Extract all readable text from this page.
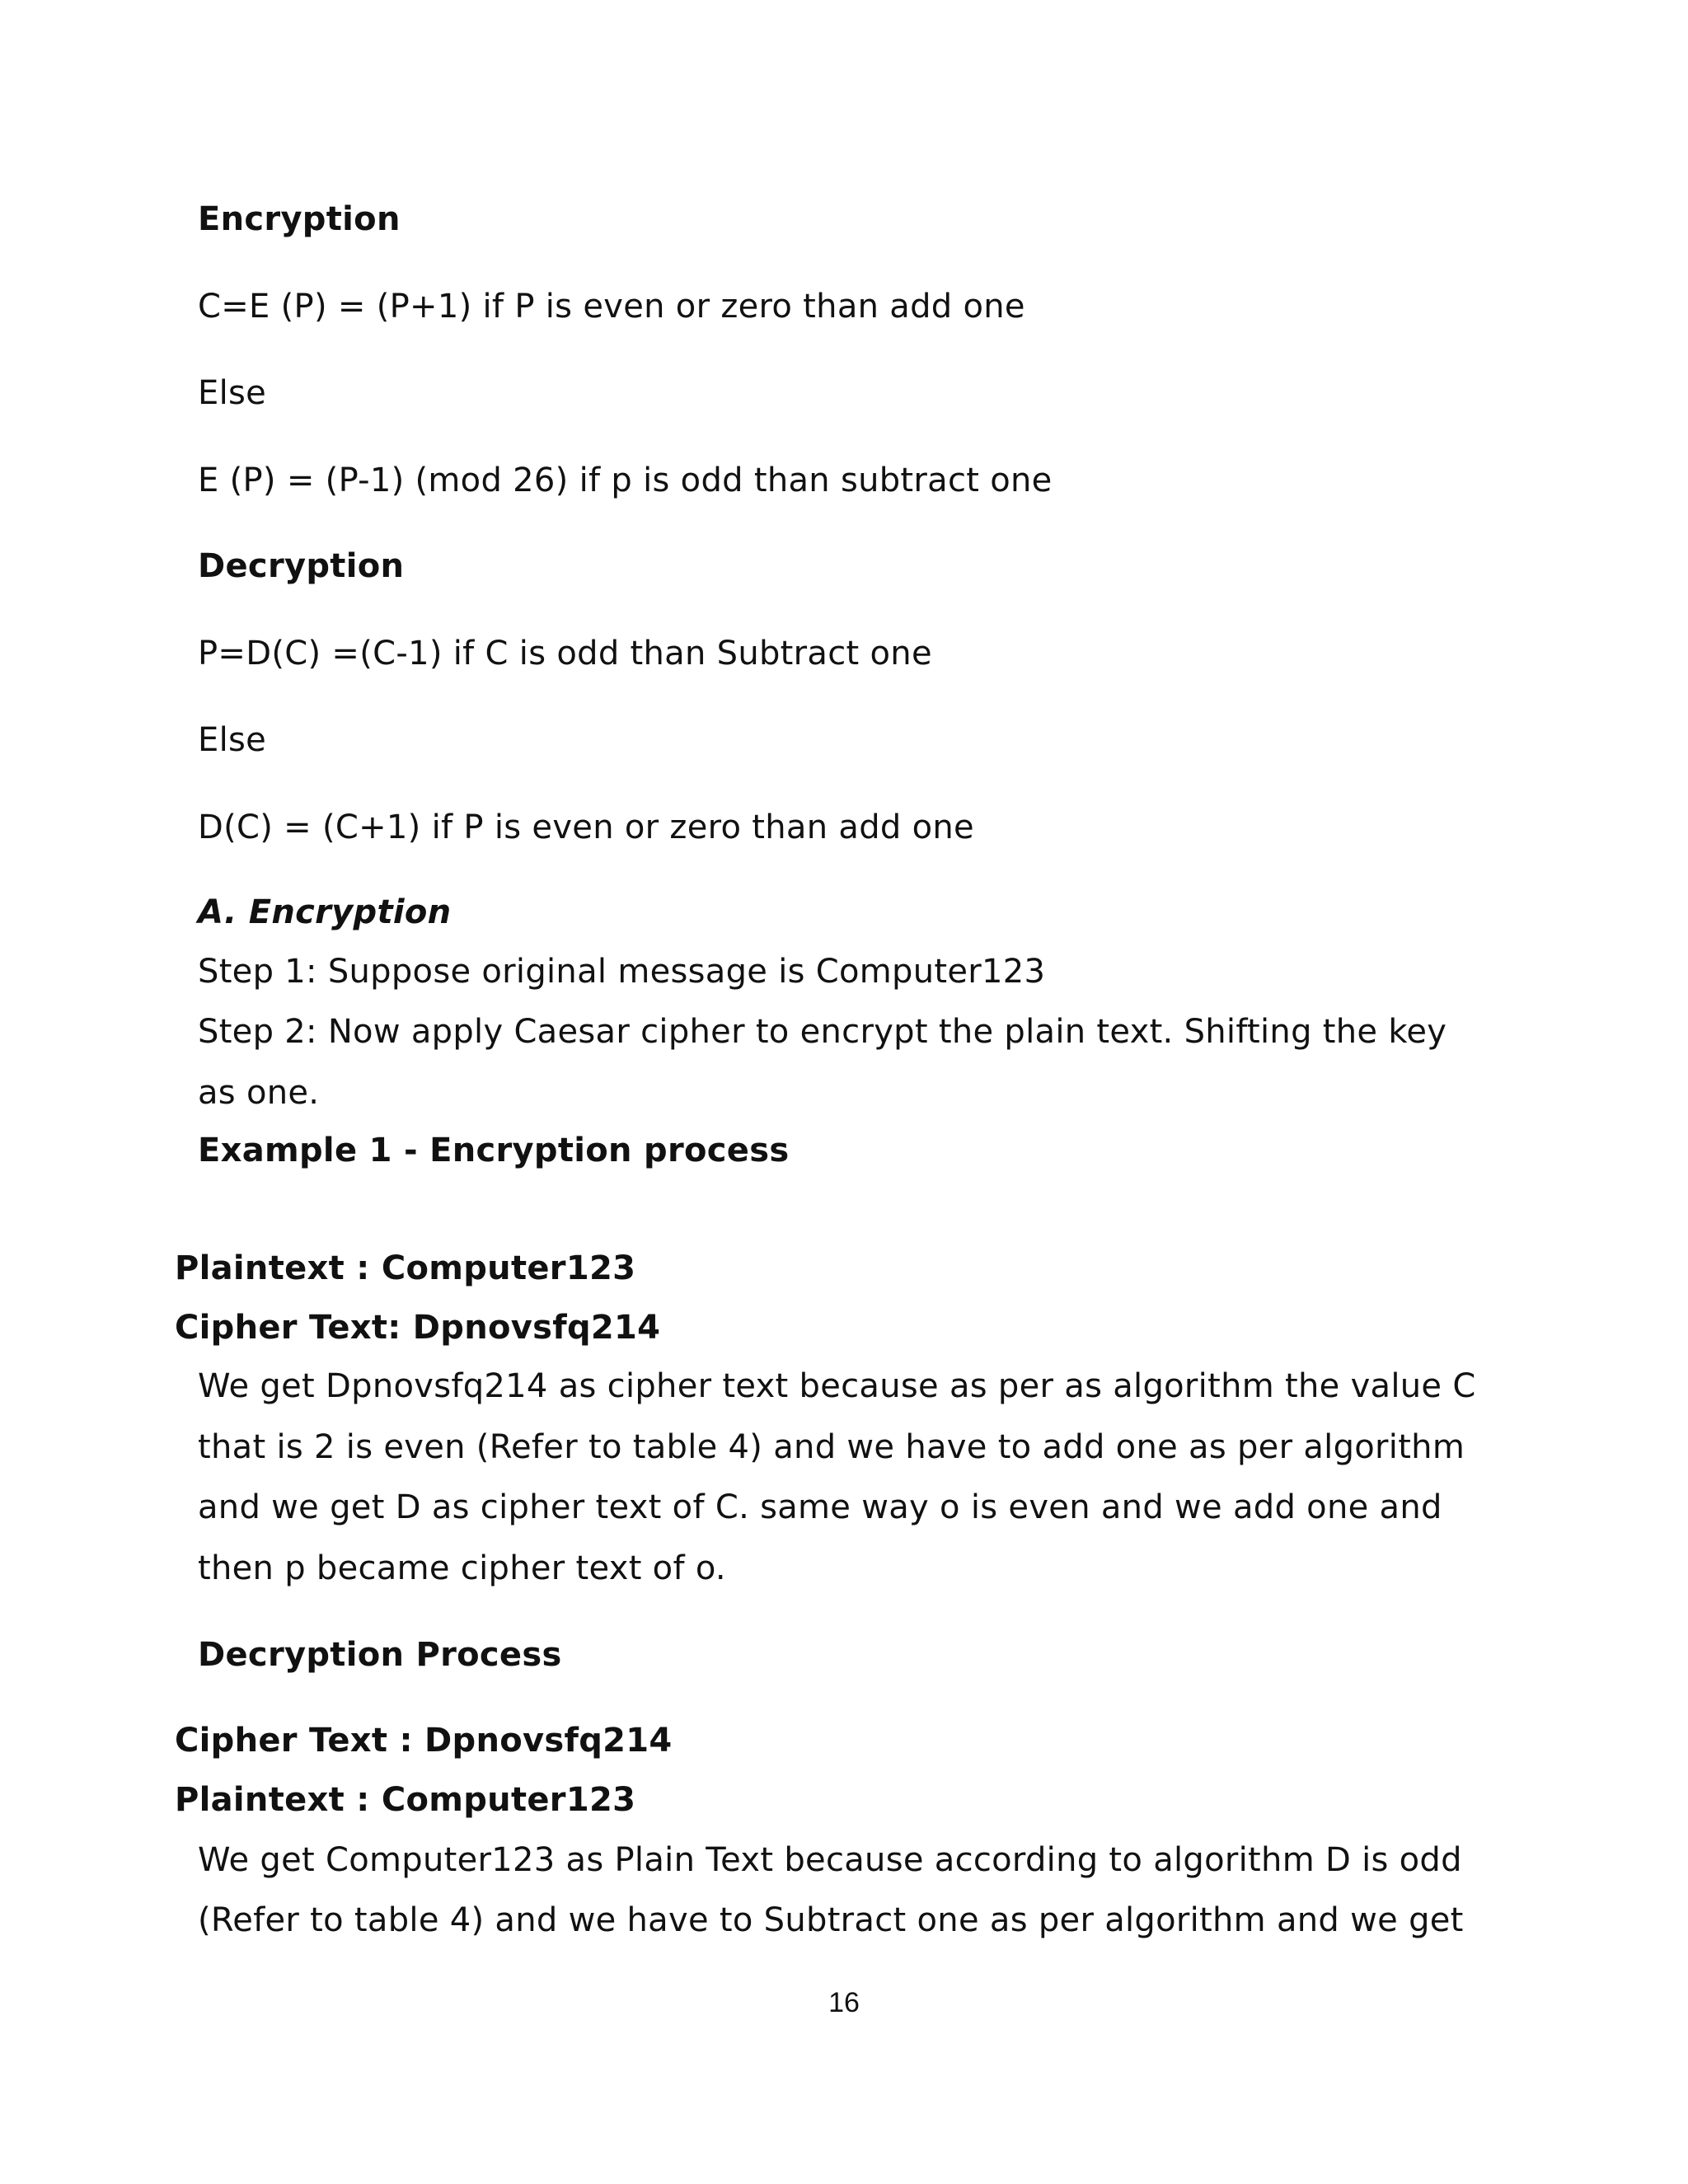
Encryption
C=E (P) = (P+1) if P is even or zero than add one
Else
E (P) = (P-1) (mod 26) if p is odd than subtract one
Decryption
P=D(C) =(C-1) if C is odd than Subtract one
Else
D(C) = (C+1) if P is even or zero than add one
A. Encryption
Step 1: Suppose original message is Computer123
Step 2: Now apply Caesar cipher to encrypt the plain text. Shifting the key
as one.
Example 1 - Encryption process
Plaintext : Computer123
Cipher Text: Dpnovsfq214
We get Dpnovsfq214 as cipher text because as per as algorithm the value C
that is 2 is even (Refer to table 4) and we have to add one as per algorithm
and we get D as cipher text of C. same way o is even and we add one and
then p became cipher text of o.
Decryption Process
Cipher Text : Dpnovsfq214
Plaintext : Computer123
We get Computer123 as Plain Text because according to algorithm D is odd
(Refer to table 4) and we have to Subtract one as per algorithm and we get
16
